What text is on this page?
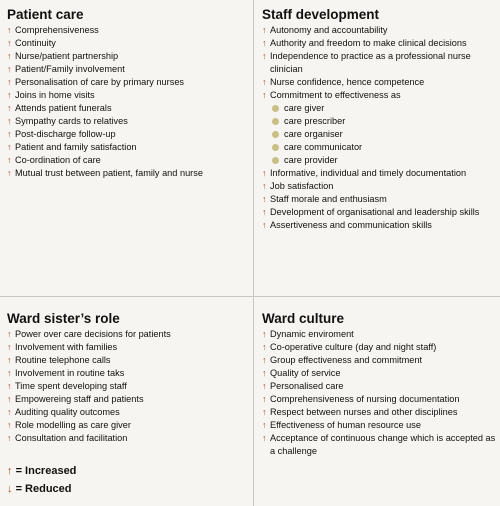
Patient care
↑ Comprehensiveness
↑ Continuity
↑ Nurse/patient partnership
↑ Patient/Family involvement
↑ Personalisation of care by primary nurses
↑ Joins in home visits
↑ Attends patient funerals
↑ Sympathy cards to relatives
↑ Post-discharge follow-up
↑ Patient and family satisfaction
↑ Co-ordination of care
↑ Mutual trust between patient, family and nurse
Staff development
↑ Autonomy and accountability
↑ Authority and freedom to make clinical decisions
↑ Independence to practice as a professional nurse clinician
↑ Nurse confidence, hence competence
↑ Commitment to effectiveness as
care giver
care prescriber
care organiser
care communicator
care provider
↑ Informative, individual and timely documentation
↑ Job satisfaction
↑ Staff morale and enthusiasm
↑ Development of organisational and leadership skills
↑ Assertiveness and communication skills
Ward sister’s role
↑ Power over care decisions for patients
↑ Involvement with families
↑ Routine telephone calls
↑ Involvement in routine taks
↑ Time spent developing staff
↑ Empowereing staff and patients
↑ Auditing quality outcomes
↑ Role modelling as care giver
↑ Consultation and facilitation
Ward culture
↑ Dynamic enviroment
↑ Co-operative culture (day and night staff)
↑ Group effectiveness and commitment
↑ Quality of service
↑ Personalised care
↑ Comprehensiveness of nursing documentation
↑ Respect between nurses and other disciplines
↑ Effectiveness of human resource use
↑ Acceptance of continuous change which is accepted as a challenge
↑ = Increased
↓ = Reduced
